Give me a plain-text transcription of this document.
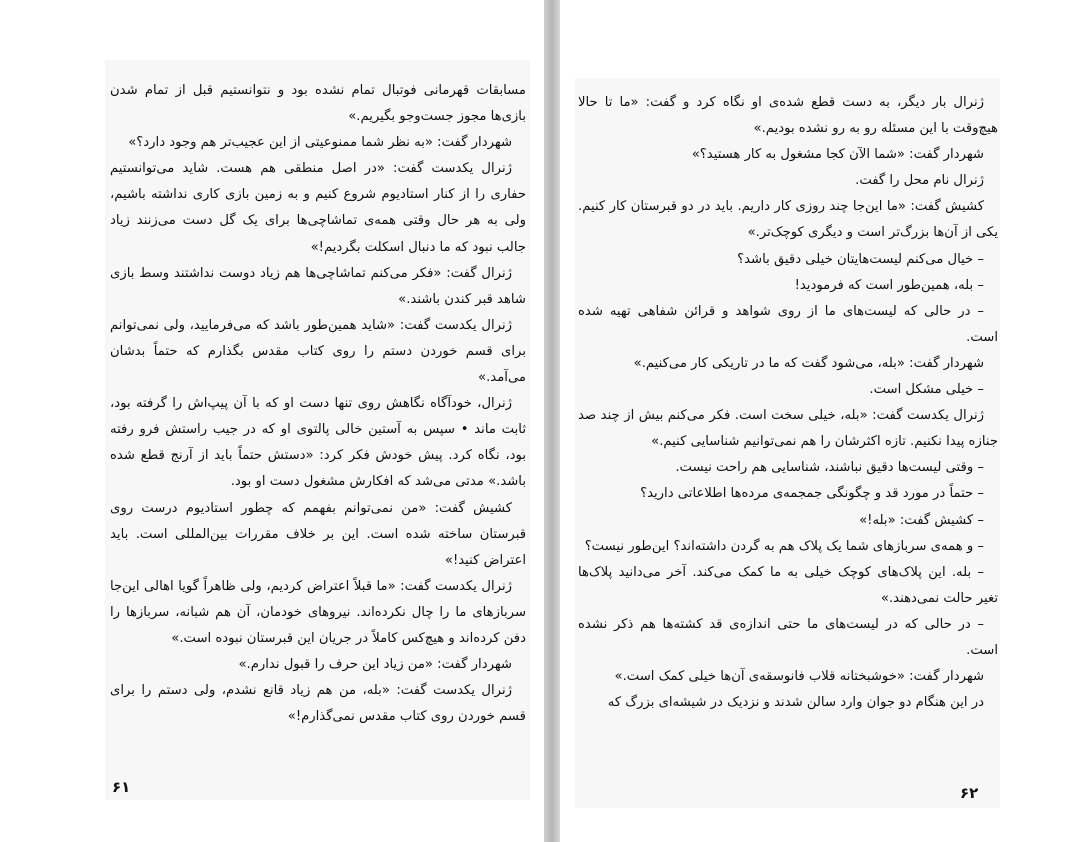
مسابقات قهرمانی فوتبال تمام نشده بود و نتوانستیم قبل از تمام شدن بازی‌ها مجوز جست‌وجو بگیریم.»

شهردار گفت: «به نظر شما ممنوعیتی از این عجیب‌تر هم وجود دارد؟»

ژنرال یکدست گفت: «در اصل منطقی هم هست. شاید می‌توانستیم حفاری را از کنار استادیوم شروع کنیم و به زمین بازی کاری نداشته باشیم، ولی به هر حال وقتی همه‌ی تماشاچی‌ها برای یک گل دست می‌زنند زیاد جالب نبود که ما دنبال اسکلت بگردیم!»

ژنرال گفت: «فکر می‌کنم تماشاچی‌ها هم زیاد دوست نداشتند وسط بازی شاهد قبر کندن باشند.»

ژنرال یکدست گفت: «شاید همین‌طور باشد که می‌فرمایید، ولی نمی‌توانم برای قسم خوردن دستم را روی کتاب مقدس بگذارم که حتماً بدشان می‌آمد.»

ژنرال، خودآگاه نگاهش روی تنها دست او که با آن پیپ‌اش را گرفته بود، ثابت ماند • سپس به آستین خالی پالتوی او که در جیب راستش فرو رفته بود، نگاه کرد. پیش خودش فکر کرد: «دستش حتماً باید از آرنج قطع شده باشد.» مدتی می‌شد که افکارش مشغول دست او بود.

کشیش گفت: «من نمی‌توانم بفهمم که چطور استادیوم درست روی قبرستان ساخته شده است. این بر خلاف مقررات بین‌المللی است. باید اعتراض کنید!»

ژنرال یکدست گفت: «ما قبلاً اعتراض کردیم، ولی ظاهراً گویا اهالی این‌جا سربازهای ما را چال نکرده‌اند. نیروهای خودمان، آن هم شبانه، سربازها را دفن کرده‌اند و هیچ‌کس کاملاً در جریان این قبرستان نبوده است.»

شهردار گفت: «من زیاد این حرف را قبول ندارم.»

ژنرال یکدست گفت: «بله، من هم زیاد قانع نشدم، ولی دستم را برای قسم خوردن روی کتاب مقدس نمی‌گذارم!»

۶۱

ژنرال بار دیگر، به دست قطع شده‌ی او نگاه کرد و گفت: «ما تا حالا هیچ‌وقت با این مسئله رو به رو نشده بودیم.»

شهردار گفت: «شما الآن کجا مشغول به کار هستید؟»

ژنرال نام محل را گفت.

کشیش گفت: «ما این‌جا چند روزی کار داریم. باید در دو قبرستان کار کنیم. یکی از آن‌ها بزرگ‌تر است و دیگری کوچک‌تر.»

– خیال می‌کنم لیست‌هایتان خیلی دقیق باشد؟

– بله، همین‌طور است که فرمودید!

– در حالی که لیست‌های ما از روی شواهد و قرائن شفاهی تهیه شده است.

شهردار گفت: «بله، می‌شود گفت که ما در تاریکی کار می‌کنیم.»

– خیلی مشکل است.

ژنرال یکدست گفت: «بله، خیلی سخت است. فکر می‌کنم بیش از چند صد جنازه پیدا نکنیم. تازه اکثرشان را هم نمی‌توانیم شناسایی کنیم.»

– وقتی لیست‌ها دقیق نباشند، شناسایی هم راحت نیست.

– حتماً در مورد قد و چگونگی جمجمه‌ی مرده‌ها اطلاعاتی دارید؟

– کشیش گفت: «بله!»

– و همه‌ی سربازهای شما یک پلاک هم به گردن داشته‌اند؟ این‌طور نیست؟

– بله. این پلاک‌های کوچک خیلی به ما کمک می‌کند. آخر می‌دانید پلاک‌ها تغیر حالت نمی‌دهند.»

– در حالی که در لیست‌های ما حتی اندازه‌ی قد کشته‌ها هم ذکر نشده است.

شهردار گفت: «خوشبختانه قلاب فانوسقه‌ی آن‌ها خیلی کمک است.»

در این هنگام دو جوان وارد سالن شدند و نزدیک در شیشه‌ای بزرگ که

۶۲
